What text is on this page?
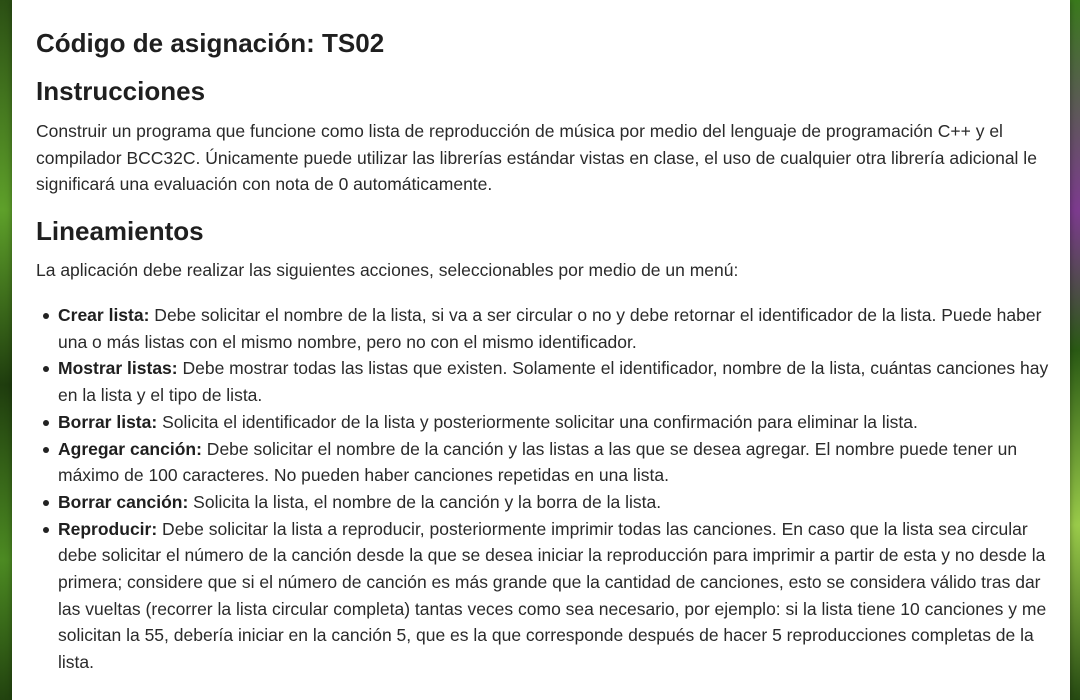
Código de asignación: TS02
Instrucciones

Construir un programa que funcione como lista de reproducción de música por medio del lenguaje de programación C++ y el compilador BCC32C. Únicamente puede utilizar las librerías estándar vistas en clase, el uso de cualquier otra librería adicional le significará una evaluación con nota de 0 automáticamente.

Lineamientos

La aplicación debe realizar las siguientes acciones, seleccionables por medio de un menú:

Crear lista: Debe solicitar el nombre de la lista, si va a ser circular o no y debe retornar el identificador de la lista. Puede haber una o más listas con el mismo nombre, pero no con el mismo identificador.
Mostrar listas: Debe mostrar todas las listas que existen. Solamente el identificador, nombre de la lista, cuántas canciones hay en la lista y el tipo de lista.
Borrar lista: Solicita el identificador de la lista y posteriormente solicitar una confirmación para eliminar la lista.
Agregar canción: Debe solicitar el nombre de la canción y las listas a las que se desea agregar. El nombre puede tener un máximo de 100 caracteres. No pueden haber canciones repetidas en una lista.
Borrar canción: Solicita la lista, el nombre de la canción y la borra de la lista.
Reproducir: Debe solicitar la lista a reproducir, posteriormente imprimir todas las canciones. En caso que la lista sea circular debe solicitar el número de la canción desde la que se desea iniciar la reproducción para imprimir a partir de esta y no desde la primera; considere que si el número de canción es más grande que la cantidad de canciones, esto se considera válido tras dar las vueltas (recorrer la lista circular completa) tantas veces como sea necesario, por ejemplo: si la lista tiene 10 canciones y me solicitan la 55, debería iniciar en la canción 5, que es la que corresponde después de hacer 5 reproducciones completas de la lista.
